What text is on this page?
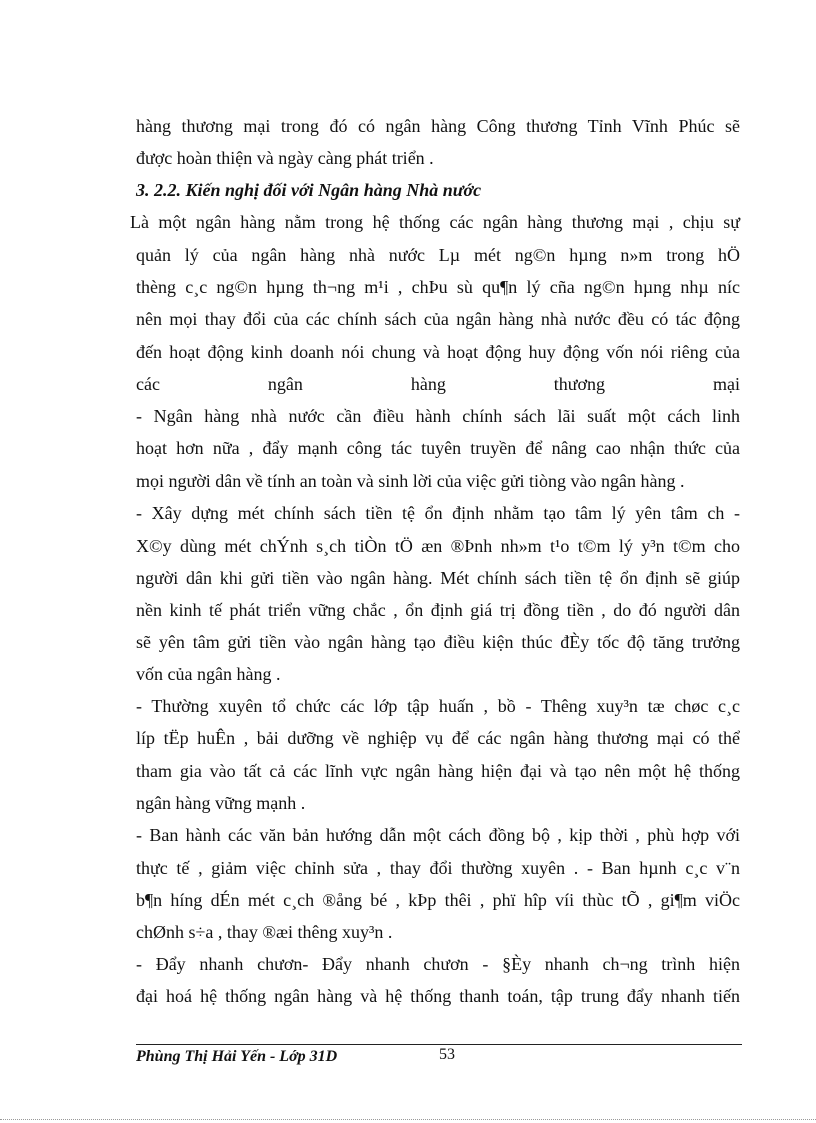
hàng thương mại trong đó có ngân hàng Công thương Tỉnh Vĩnh Phúc sẽ
được hoàn thiện và ngày càng phát triển .
3. 2.2. Kiến nghị đối với Ngân hàng Nhà nước
Là một ngân hàng nằm trong hệ thống các ngân hàng thương mại , chịu sự
quản lý của ngân hàng nhà nước Lµ mét ng©n hµng n»m trong hÖ
thèng c¸c ng©n hµng th¬ng m¹i , chÞu sù qu¶n lý cña ng©n hµng nhµ níc
nên mọi thay đổi của các chính sách của ngân hàng nhà nước đều có tác động
đến hoạt động kinh doanh nói chung và hoạt động huy động vốn nói riêng của
các ngân hàng thương mại
- Ngân hàng nhà nước cần điều hành chính sách lãi suất một cách linh
hoạt hơn nữa , đẩy mạnh công tác tuyên truyền để nâng cao nhận thức của
mọi người dân về tính an toàn và sinh lời của việc gửi tiòng vào ngân hàng .
- Xây dựng mét chính sách tiền tệ ổn định nhằm tạo tâm lý yên tâm ch -
X©y dùng mét chÝnh s¸ch tiÒn tÖ æn ®Þnh nh»m t¹o t©m lý y³n t©m cho
người dân khi gửi tiền vào ngân hàng. Mét chính sách tiền tệ ổn định sẽ giúp
nền kinh tế phát triển vững chắc , ổn định giá trị đồng tiền , do đó người dân
sẽ yên tâm gửi tiền vào ngân hàng tạo điều kiện thúc đÈy tốc độ tăng trưởng
vốn của ngân hàng .
- Thường xuyên tổ chức các lớp tập huấn , bồ - Thêng xuy³n tæ chøc c¸c
líp tËp huÊn , bải dưỡng về nghiệp vụ để các ngân hàng thương mại có thể
tham gia vào tất cả các lĩnh vực ngân hàng hiện đại và tạo nên một hệ thống
ngân hàng vững mạnh .
- Ban hành các văn bản hướng dẫn một cách đồng bộ , kịp thời , phù hợp với
thực tế , giảm việc chỉnh sửa , thay đổi thường xuyên . - Ban hµnh c¸c v¨n
b¶n híng dÉn mét c¸ch ®ång bé , kÞp thêi , phï hîp víi thùc tÕ , gi¶m viÖc
chØnh s÷a , thay ®æi thêng xuy³n .
- Đẩy nhanh chươn- Đẩy nhanh chươn - §Èy nhanh ch¬ng trình hiện
đại hoá hệ thống ngân hàng và hệ thống thanh toán, tập trung đẩy nhanh tiến
Phùng Thị Hải Yến - Lớp 31D	53
